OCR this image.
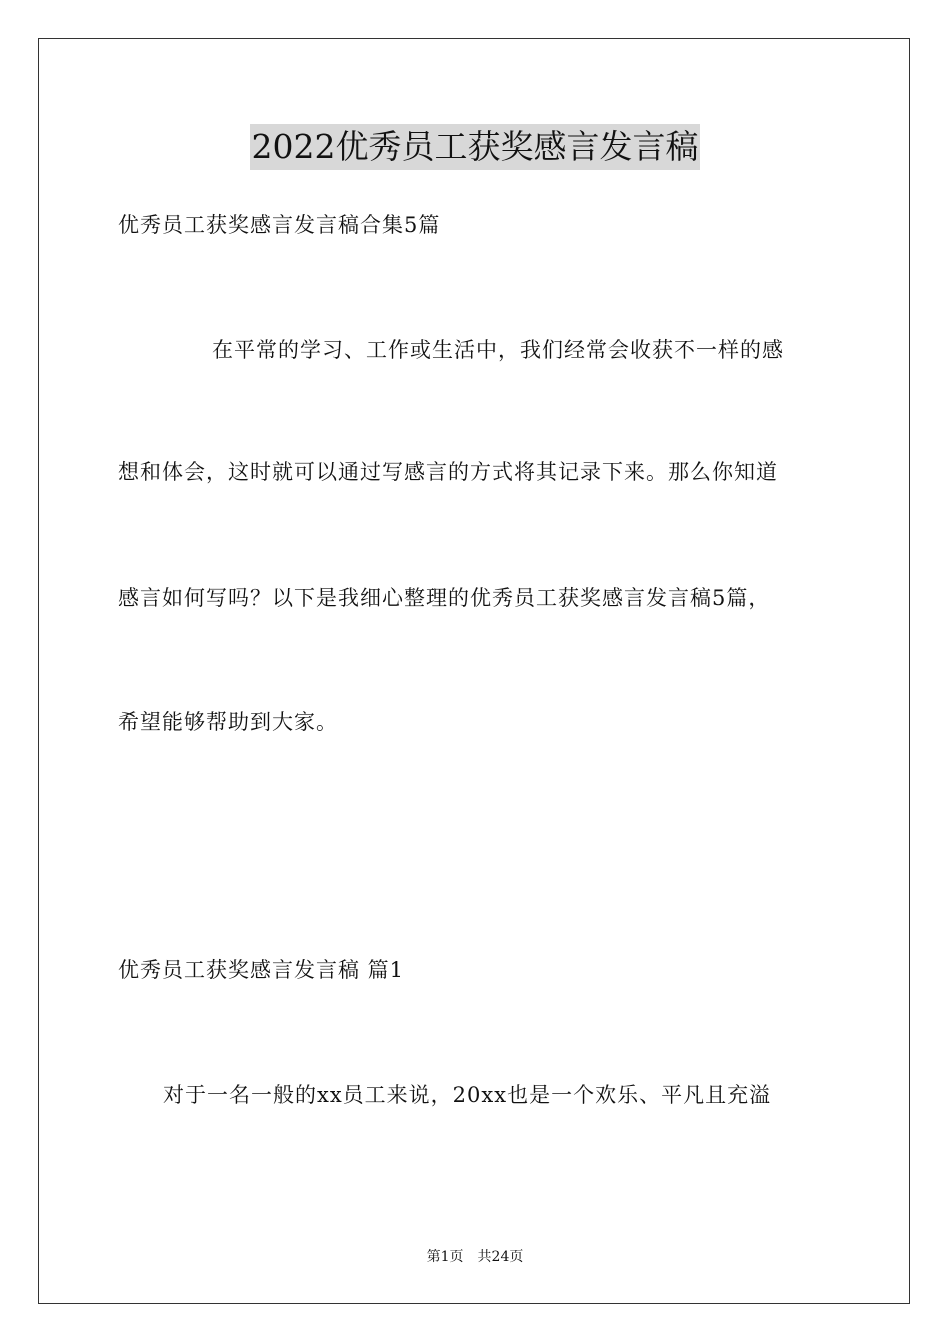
2022优秀员工获奖感言发言稿

优秀员工获奖感言发言稿合集5篇

在平常的学习、工作或生活中，我们经常会收获不一样的感

想和体会，这时就可以通过写感言的方式将其记录下来。那么你知道

感言如何写吗？以下是我细心整理的优秀员工获奖感言发言稿5篇，

希望能够帮助到大家。

优秀员工获奖感言发言稿 篇1

对于一名一般的xx员工来说，20xx也是一个欢乐、平凡且充溢

第1页 共24页
